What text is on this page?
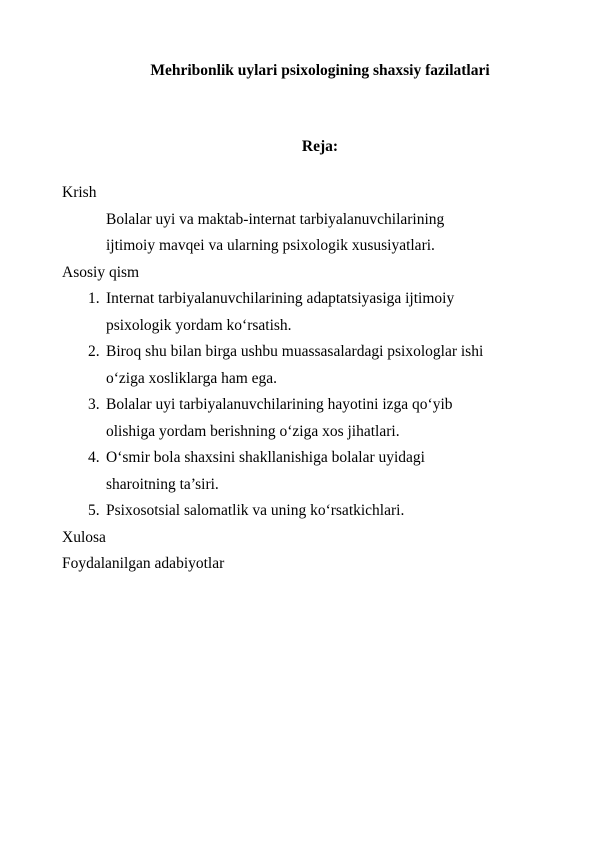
Mehribonlik uylari psixologining shaxsiy fazilatlari
Reja:

Krish

Bolalar uyi va maktab-internat tarbiyalanuvchilarining
ijtimoiy mavqei va ularning psixologik xususiyatlari.

Asosiy qism

1. Internat tarbiyalanuvchilarining adaptatsiyasiga ijtimoiy
psixologik yordam ko‘rsatish.
2. Biroq shu bilan birga ushbu muassasalardagi psixologlar ishi
o‘ziga xosliklarga ham ega.
3. Bolalar uyi tarbiyalanuvchilarining hayotini izga qo‘yib
olishiga yordam berishning o‘ziga xos jihatlari.
4. O‘smir bola shaxsini shakllanishiga bolalar uyidagi
sharoitning ta’siri.
5. Psixosotsial salomatlik va uning ko‘rsatkichlari.

Xulosa

Foydalanilgan adabiyotlar
